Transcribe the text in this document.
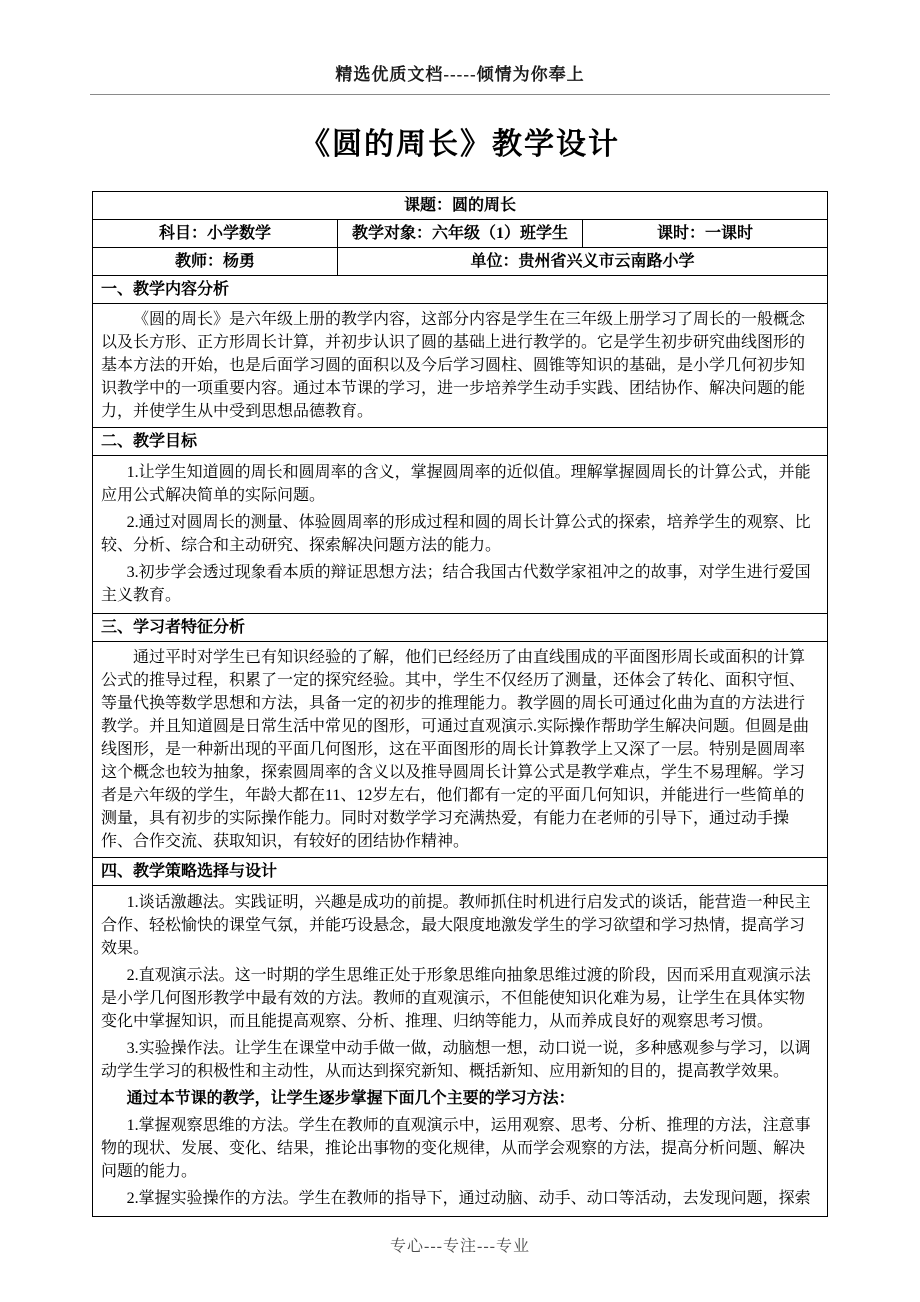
精选优质文档-----倾情为你奉上
《圆的周长》教学设计
课题：圆的周长		
科目：小学数学	教学对象：六年级（1）班学生	课时：一课时
教师：杨勇	单位：贵州省兴义市云南路小学	
一、教学内容分析		

《圆的周长》是六年级上册的教学内容，这部分内容是学生在三年级上册学习了周长的一般概念以及长方形、正方形周长计算，并初步认识了圆的基础上进行教学的。它是学生初步研究曲线图形的基本方法的开始，也是后面学习圆的面积以及今后学习圆柱、圆锥等知识的基础，是小学几何初步知识教学中的一项重要内容。通过本节课的学习，进一步培养学生动手实践、团结协作、解决问题的能力，并使学生从中受到思想品德教育。		

二、教学目标		

1.让学生知道圆的周长和圆周率的含义，掌握圆周率的近似值。理解掌握圆周长的计算公式，并能应用公式解决简单的实际问题。

2.通过对圆周长的测量、体验圆周率的形成过程和圆的周长计算公式的探索，培养学生的观察、比较、分析、综合和主动研究、探索解决问题方法的能力。

3.初步学会透过现象看本质的辩证思想方法；结合我国古代数学家祖冲之的故事，对学生进行爱国主义教育。		

三、学习者特征分析		

通过平时对学生已有知识经验的了解，他们已经经历了由直线围成的平面图形周长或面积的计算公式的推导过程，积累了一定的探究经验。其中，学生不仅经历了测量，还体会了转化、面积守恒、等量代换等数学思想和方法，具备一定的初步的推理能力。教学圆的周长可通过化曲为直的方法进行教学。并且知道圆是日常生活中常见的图形，可通过直观演示.实际操作帮助学生解决问题。但圆是曲线图形，是一种新出现的平面几何图形，这在平面图形的周长计算教学上又深了一层。特别是圆周率这个概念也较为抽象，探索圆周率的含义以及推导圆周长计算公式是教学难点，学生不易理解。学习者是六年级的学生，年龄大都在11、12岁左右，他们都有一定的平面几何知识，并能进行一些简单的测量，具有初步的实际操作能力。同时对数学学习充满热爱，有能力在老师的引导下，通过动手操作、合作交流、获取知识，有较好的团结协作精神。		

四、教学策略选择与设计		

1.谈话激趣法。实践证明，兴趣是成功的前提。教师抓住时机进行启发式的谈话，能营造一种民主合作、轻松愉快的课堂气氛，并能巧设悬念，最大限度地激发学生的学习欲望和学习热情，提高学习效果。

2.直观演示法。这一时期的学生思维正处于形象思维向抽象思维过渡的阶段，因而采用直观演示法是小学几何图形教学中最有效的方法。教师的直观演示，不但能使知识化难为易，让学生在具体实物变化中掌握知识，而且能提高观察、分析、推理、归纳等能力，从而养成良好的观察思考习惯。

3.实验操作法。让学生在课堂中动手做一做，动脑想一想，动口说一说，多种感观参与学习，以调动学生学习的积极性和主动性，从而达到探究新知、概括新知、应用新知的目的，提高教学效果。

通过本节课的教学，让学生逐步掌握下面几个主要的学习方法：

1.掌握观察思维的方法。学生在教师的直观演示中，运用观察、思考、分析、推理的方法，注意事物的现状、发展、变化、结果，推论出事物的变化规律，从而学会观察的方法，提高分析问题、解决问题的能力。

2.掌握实验操作的方法。学生在教师的指导下，通过动脑、动手、动口等活动，去发现问题，探索

专心---专注---专业
